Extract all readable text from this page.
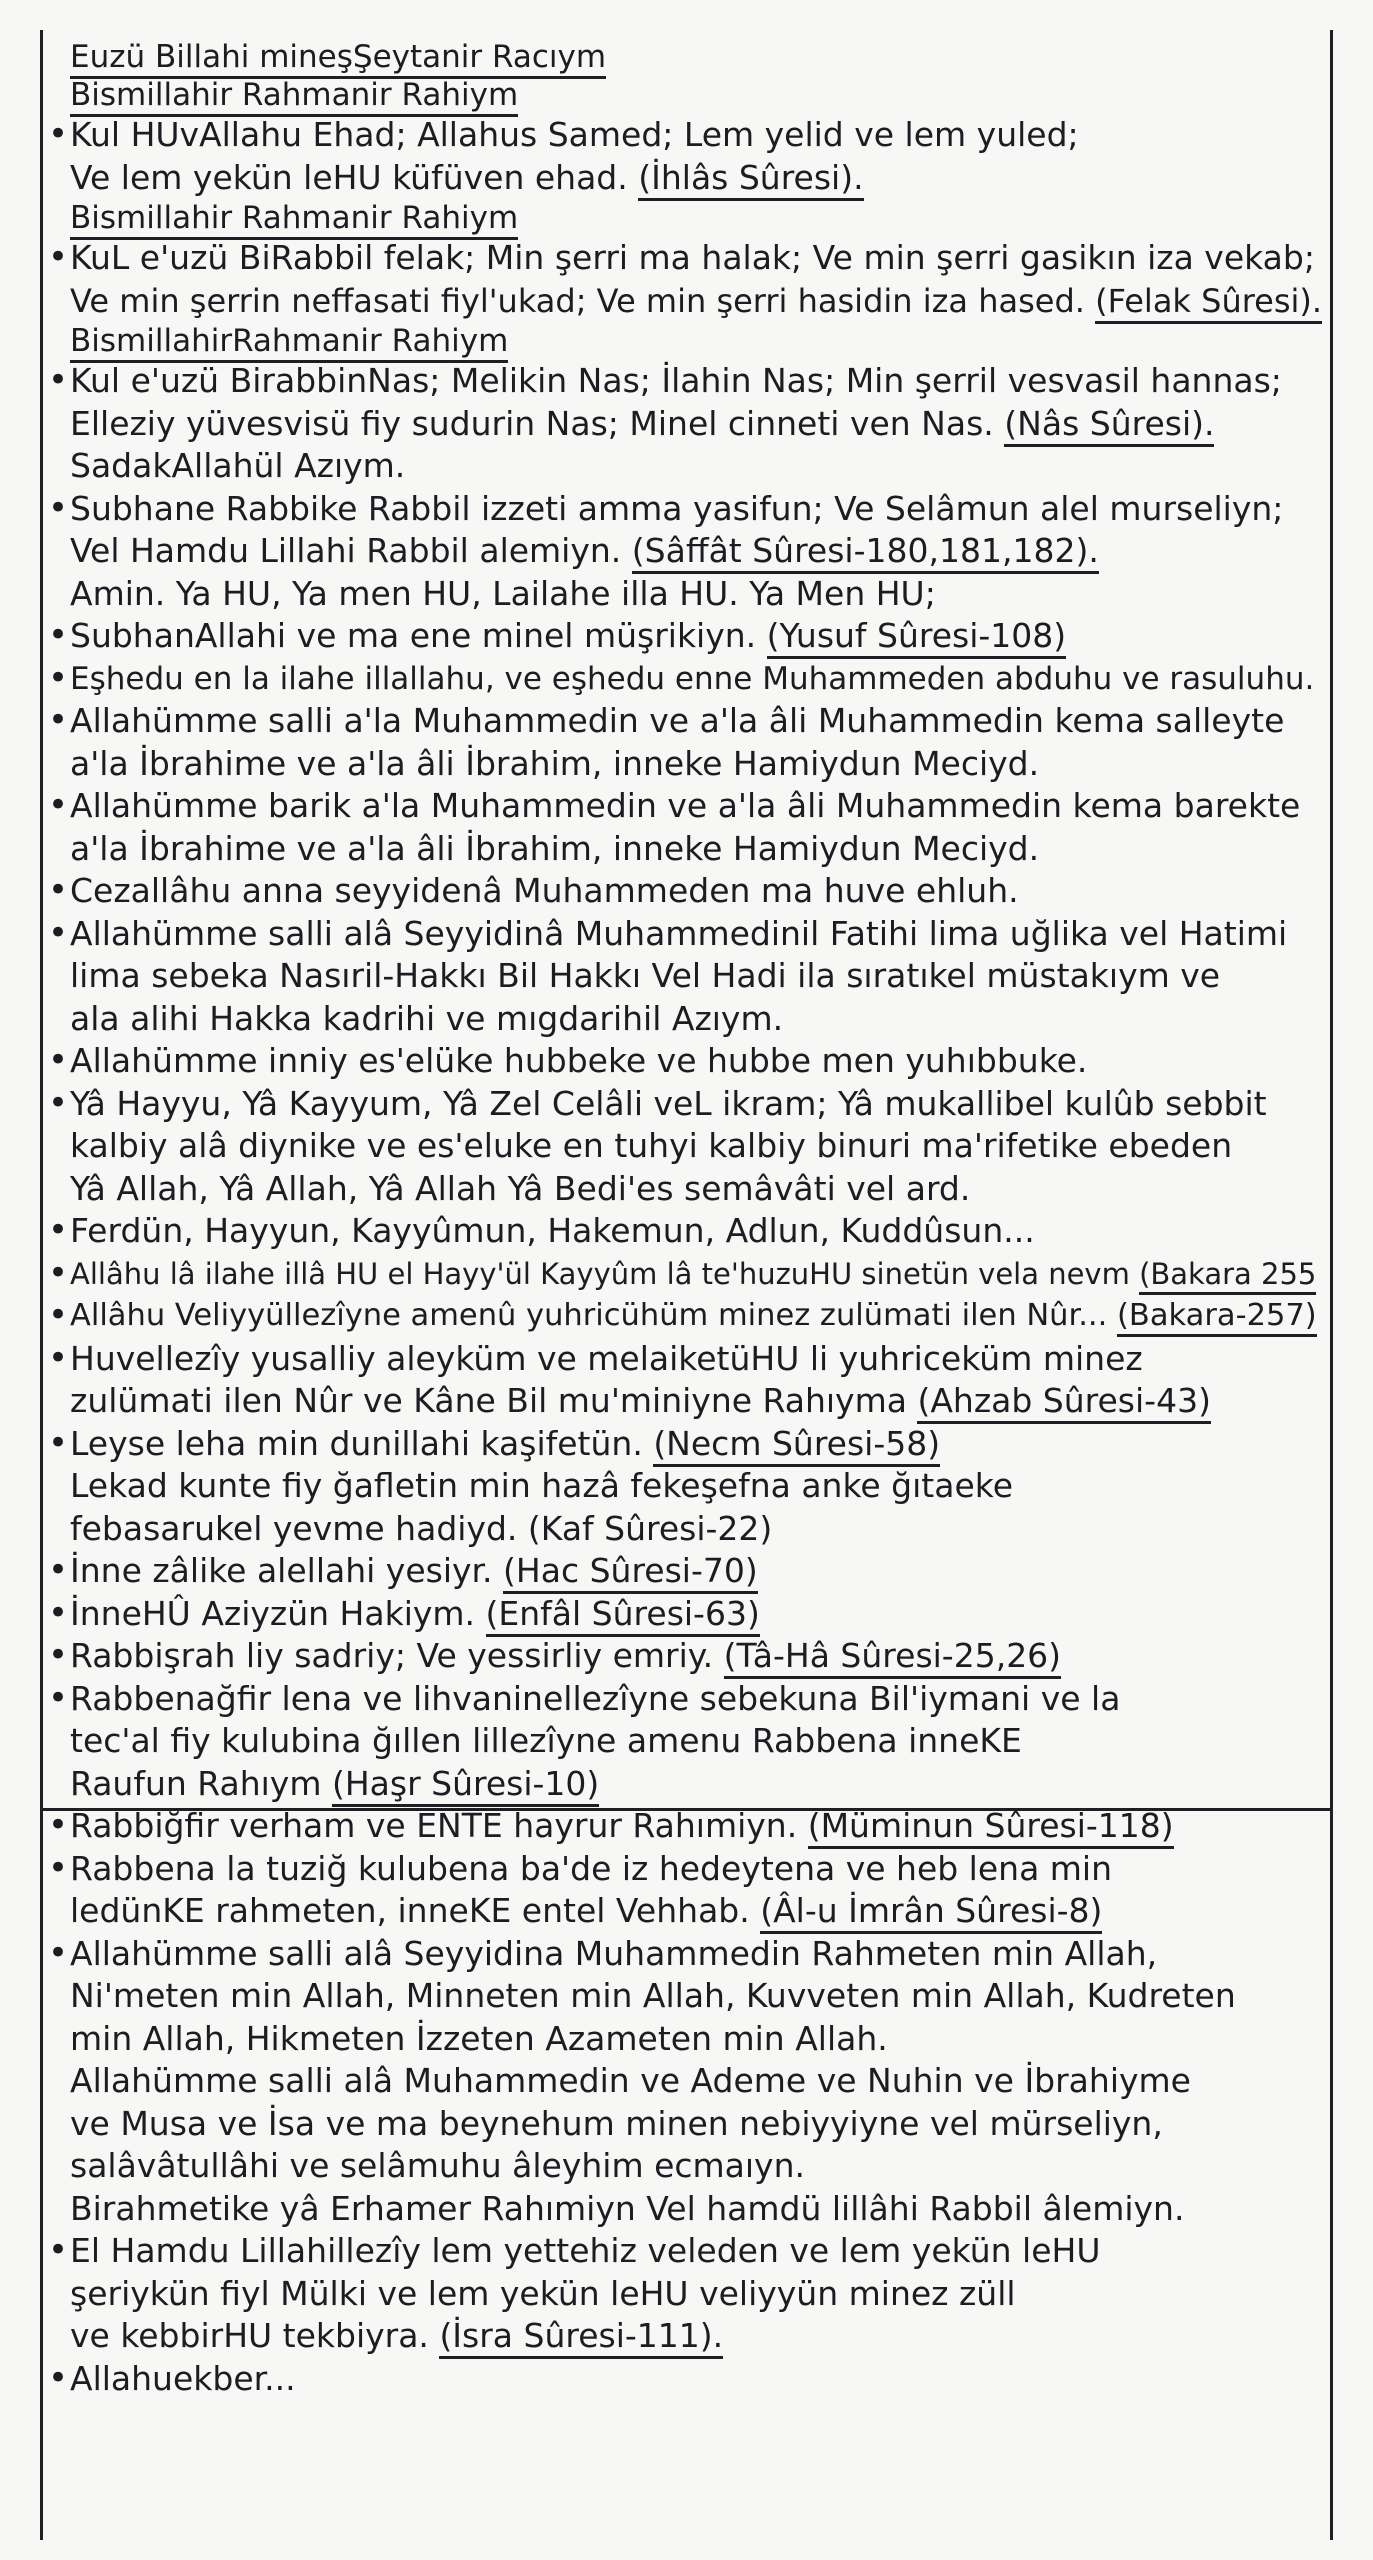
Euzü Billahi mineşŞeytanir Racıym
Bismillahir Rahmanir Rahiym
• Kul HUvAllahu Ehad; Allahus Samed; Lem yelid ve lem yuled;
Ve lem yekün leHU küfüven ehad. (İhlâs Sûresi).
Bismillahir Rahmanir Rahiym
• KuL e'uzü BiRabbil felak; Min şerri ma halak; Ve min şerri gasikın iza vekab;
Ve min şerrin neffasati fiyl'ukad; Ve min şerri hasidin iza hased. (Felak Sûresi).
BismillahirRahmanir Rahiym
• Kul e'uzü BirabbinNas; Melikin Nas; İlahin Nas; Min şerril vesvasil hannas;
Elleziy yüvesvisü fiy sudurin Nas; Minel cinneti ven Nas. (Nâs Sûresi).
SadakAllahül Azıym.
• Subhane Rabbike Rabbil izzeti amma yasifun; Ve Selâmun alel murseliyn;
Vel Hamdu Lillahi Rabbil alemiyn. (Sâffât Sûresi-180,181,182).
Amin. Ya HU, Ya men HU, Lailahe illa HU. Ya Men HU;
• SubhanAllahi ve ma ene minel müşrikiyn. (Yusuf Sûresi-108)
• Eşhedu en la ilahe illallahu, ve eşhedu enne Muhammeden abduhu ve rasuluhu.
• Allahümme salli a'la Muhammedin ve a'la âli Muhammedin kema salleyte
a'la İbrahime ve a'la âli İbrahim, inneke Hamiydun Meciyd.
• Allahümme barik a'la Muhammedin ve a'la âli Muhammedin kema barekte
a'la İbrahime ve a'la âli İbrahim, inneke Hamiydun Meciyd.
• Cezallâhu anna seyyidenâ Muhammeden ma huve ehluh.
• Allahümme salli alâ Seyyidinâ Muhammedinil Fatihi lima uğlika vel Hatimi
lima sebeka Nasıril-Hakkı Bil Hakkı Vel Hadi ila sıratıkel müstakıym ve
ala alihi Hakka kadrihi ve mıgdarihil Azıym.
• Allahümme inniy es'elüke hubbeke ve hubbe men yuhıbbuke.
• Yâ Hayyu, Yâ Kayyum, Yâ Zel Celâli veL ikram; Yâ mukallibel kulûb sebbit
kalbiy alâ diynike ve es'eluke en tuhyi kalbiy binuri ma'rifetike ebeden
Yâ Allah, Yâ Allah, Yâ Allah Yâ Bedi'es semâvâti vel ard.
• Ferdün, Hayyun, Kayyûmun, Hakemun, Adlun, Kuddûsun...
• Allâhu lâ ilahe illâ HU el Hayy'ül Kayyûm lâ te'huzuHU sinetün vela nevm (Bakara 255
• Allâhu Veliyyüllezîyne amenû yuhricühüm minez zulümati ilen Nûr... (Bakara-257)
• Huvellezîy yusalliy aleyküm ve melaiketüHU li yuhriceküm minez
zulümati ilen Nûr ve Kâne Bil mu'miniyne Rahıyma (Ahzab Sûresi-43)
• Leyse leha min dunillahi kaşifetün. (Necm Sûresi-58)
Lekad kunte fiy ğafletin min hazâ fekeşefna anke ğıtaeke
febasarukel yevme hadiyd. (Kaf Sûresi-22)
• İnne zâlike alellahi yesiyr. (Hac Sûresi-70)
• İnneHÛ Aziyzün Hakiym. (Enfâl Sûresi-63)
• Rabbişrah liy sadriy; Ve yessirliy emriy. (Tâ-Hâ Sûresi-25,26)
• Rabbenağfir lena ve lihvaninellezîyne sebekuna Bil'iymani ve la
tec'al fiy kulubina ğıllen lillezîyne amenu Rabbena inneKE
Raufun Rahıym (Haşr Sûresi-10)
• Rabbiğfir verham ve ENTE hayrur Rahımiyn. (Müminun Sûresi-118)
• Rabbena la tuziğ kulubena ba'de iz hedeytena ve heb lena min
ledünKE rahmeten, inneKE entel Vehhab. (Âl-u İmrân Sûresi-8)
• Allahümme salli alâ Seyyidina Muhammedin Rahmeten min Allah,
Ni'meten min Allah, Minneten min Allah, Kuvveten min Allah, Kudreten
min Allah, Hikmeten İzzeten Azameten min Allah.
Allahümme salli alâ Muhammedin ve Ademe ve Nuhin ve İbrahiyme
ve Musa ve İsa ve ma beynehum minen nebiyyiyne vel mürseliyn,
salâvâtullâhi ve selâmuhu âleyhim ecmaıyn.
Birahmetike yâ Erhamer Rahımiyn Vel hamdü lillâhi Rabbil âlemiyn.
• El Hamdu Lillahillezîy lem yettehiz veleden ve lem yekün leHU
şeriykün fiyl Mülki ve lem yekün leHU veliyyün minez züll
ve kebbirHU tekbiyra. (İsra Sûresi-111).
• Allahuekber...
